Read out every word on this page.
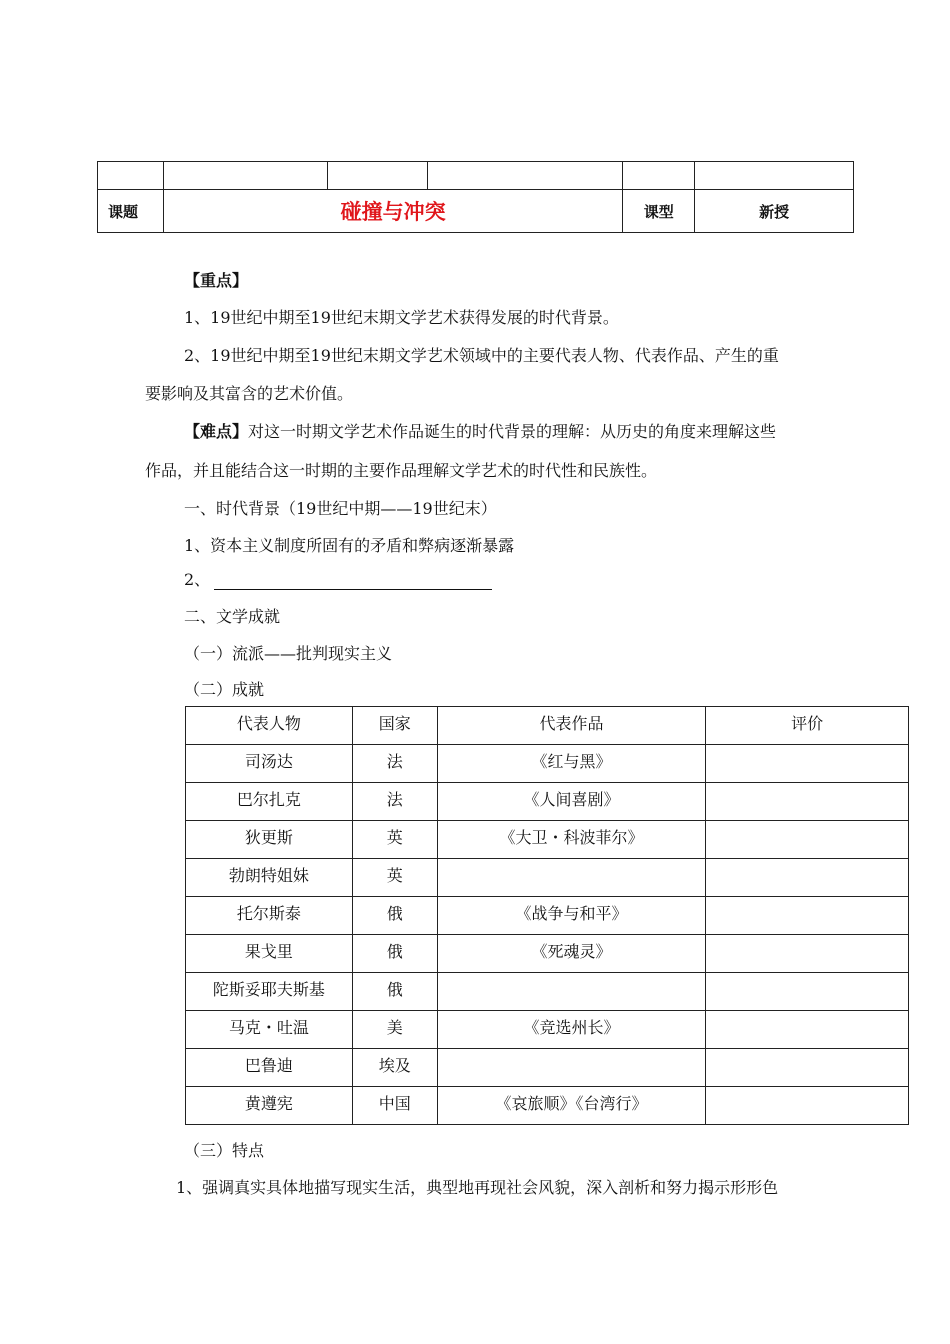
课题	碰撞与冲突			课型	新授
【重点】
1、19世纪中期至19世纪末期文学艺术获得发展的时代背景。
2、19世纪中期至19世纪末期文学艺术领域中的主要代表人物、代表作品、产生的重
要影响及其富含的艺术价值。
【难点】对这一时期文学艺术作品诞生的时代背景的理解：从历史的角度来理解这些
作品，并且能结合这一时期的主要作品理解文学艺术的时代性和民族性。
一、时代背景（19世纪中期——19世纪末）
1、资本主义制度所固有的矛盾和弊病逐渐暴露
2、
二、文学成就
（一）流派——批判现实主义
（二）成就
代表人物	国家	代表作品	评价
司汤达	法	《红与黑》	
巴尔扎克	法	《人间喜剧》	
狄更斯	英	《大卫・科波菲尔》	
勃朗特姐妹	英		
托尔斯泰	俄	《战争与和平》	
果戈里	俄	《死魂灵》	
陀斯妥耶夫斯基	俄		
马克・吐温	美	《竞选州长》	
巴鲁迪	埃及		
黄遵宪	中国	《哀旅顺》《台湾行》	
（三）特点
1、强调真实具体地描写现实生活，典型地再现社会风貌，深入剖析和努力揭示形形色
